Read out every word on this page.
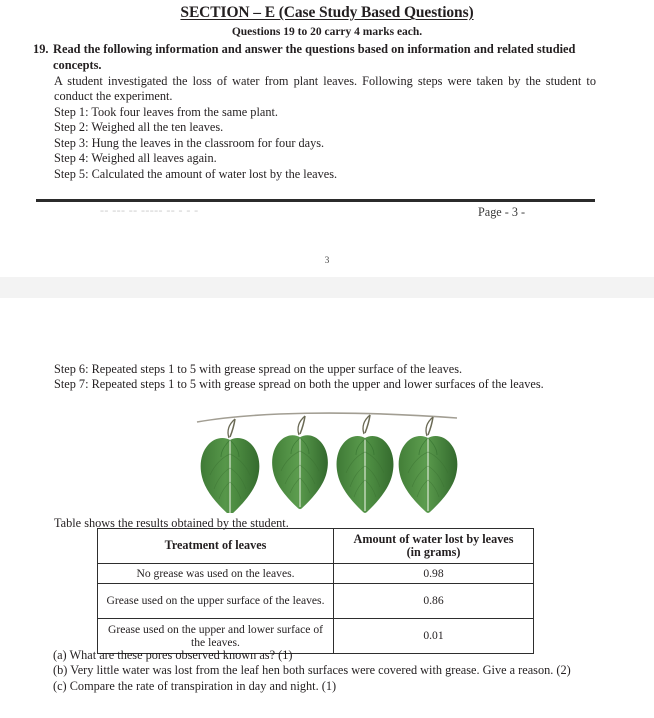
SECTION – E (Case Study Based Questions)
Questions 19 to 20 carry 4 marks each.
19. Read the following information and answer the questions based on information and related studied concepts.
A student investigated the loss of water from plant leaves. Following steps were taken by the student to conduct the experiment.
Step 1: Took four leaves from the same plant.
Step 2: Weighed all the ten leaves.
Step 3: Hung the leaves in the classroom for four days.
Step 4: Weighed all leaves again.
Step 5: Calculated the amount of water lost by the leaves.
-- --- -- ----- -- - - -	Page - 3 -
3
Step 6: Repeated steps 1 to 5 with grease spread on the upper surface of the leaves.
Step 7: Repeated steps 1 to 5 with grease spread on both the upper and lower surfaces of the leaves.
Table shows the results obtained by the student.
Treatment of leaves	Amount of water lost by leaves
(in grams)
No grease was used on the leaves.	0.98
Grease used on the upper surface of the leaves.	0.86
Grease used on the upper and lower surface of the leaves.	0.01
(a) What are these pores observed known as? (1)
(b) Very little water was lost from the leaf hen both surfaces were covered with grease. Give a reason. (2)
(c) Compare the rate of transpiration in day and night. (1)
